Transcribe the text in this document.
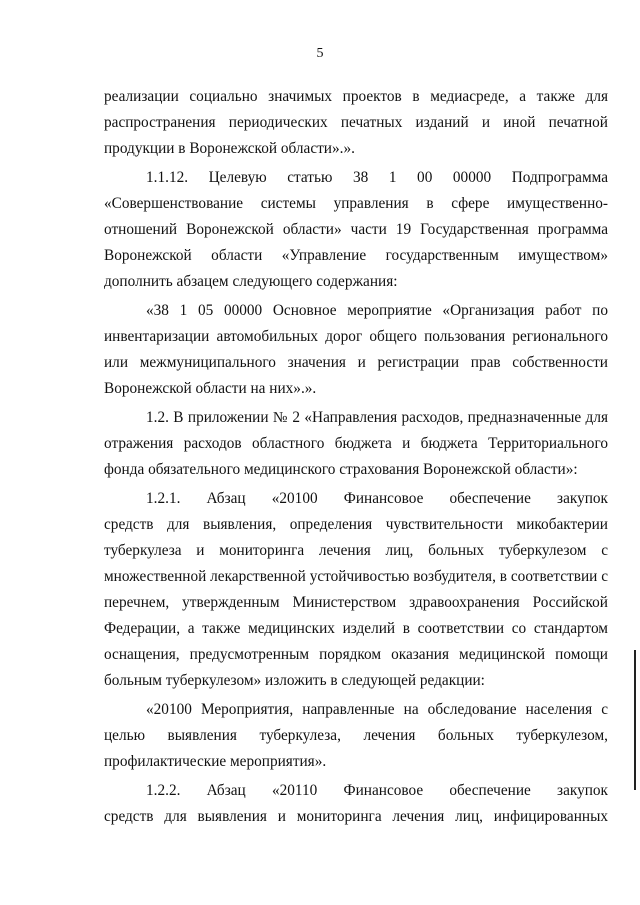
5
реализации социально значимых проектов в медиасреде, а также для
распространения периодических печатных изданий и иной печатной
продукции в Воронежской области».».
1.1.12. Целевую статью 38 1 00 00000 Подпрограмма
«Совершенствование системы управления в сфере имущественно-
отношений Воронежской области» части 19 Государственная программа
Воронежской области «Управление государственным имуществом»
дополнить абзацем следующего содержания:
«38 1 05 00000 Основное мероприятие «Организация работ по
инвентаризации автомобильных дорог общего пользования регионального
или межмуниципального значения и регистрации прав собственности
Воронежской области на них».».
1.2. В приложении № 2 «Направления расходов, предназначенные для
отражения расходов областного бюджета и бюджета Территориального
фонда обязательного медицинского страхования Воронежской области»:
1.2.1. Абзац «20100 Финансовое обеспечение закупок
средств для выявления, определения чувствительности микобактерии
туберкулеза и мониторинга лечения лиц, больных туберкулезом с
множественной лекарственной устойчивостью возбудителя, в соответствии с
перечнем, утвержденным Министерством здравоохранения Российской
Федерации, а также медицинских изделий в соответствии со стандартом
оснащения, предусмотренным порядком оказания медицинской помощи
больным туберкулезом» изложить в следующей редакции:
«20100 Мероприятия, направленные на обследование населения с
целью выявления туберкулеза, лечения больных туберкулезом,
профилактические мероприятия».
1.2.2. Абзац «20110 Финансовое обеспечение закупок
средств для выявления и мониторинга лечения лиц, инфицированных
